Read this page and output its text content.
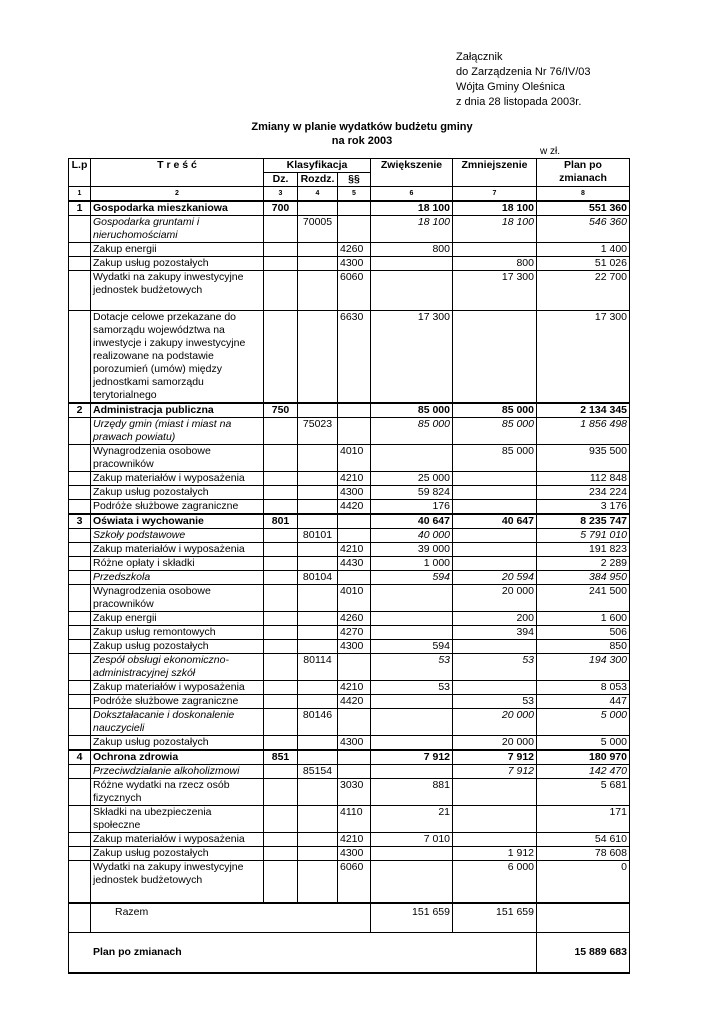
Załącznik
do Zarządzenia Nr 76/IV/03
Wójta Gminy Oleśnica
z dnia 28 listopada 2003r.
Zmiany w planie wydatków budżetu gminy
na rok 2003
w zł.
L.p	T r e ś ć	Klasyfikacja			Zwiększenie	Zmniejszenie	Plan po zmianach
		Dz.	Rozdz.	§§			
1	2	3	4	5	6	7	8
1	Gospodarka mieszkaniowa	700			18 100	18 100	551 360
	Gospodarka gruntami i nieruchomościami		70005		18 100	18 100	546 360
	Zakup energii			4260	800		1 400
	Zakup usług pozostałych			4300		800	51 026
	Wydatki na zakupy inwestycyjne jednostek budżetowych			6060		17 300	22 700
	Dotacje celowe przekazane do samorządu województwa na inwestycje i zakupy inwestycyjne realizowane na podstawie porozumień (umów) między jednostkami samorządu terytorialnego			6630	17 300		17 300
2	Administracja publiczna	750			85 000	85 000	2 134 345
	Urzędy gmin (miast i miast na prawach powiatu)		75023		85 000	85 000	1 856 498
	Wynagrodzenia osobowe pracowników			4010		85 000	935 500
	Zakup materiałów i wyposażenia			4210	25 000		112 848
	Zakup usług pozostałych			4300	59 824		234 224
	Podróże służbowe zagraniczne			4420	176		3 176
3	Oświata i wychowanie	801			40 647	40 647	8 235 747
	Szkoły podstawowe		80101		40 000		5 791 010
	Zakup materiałów i wyposażenia			4210	39 000		191 823
	Różne opłaty i składki			4430	1 000		2 289
	Przedszkola		80104		594	20 594	384 950
	Wynagrodzenia osobowe pracowników			4010		20 000	241 500
	Zakup energii			4260		200	1 600
	Zakup usług remontowych			4270		394	506
	Zakup usług pozostałych			4300	594		850
	Zespół obsługi ekonomiczno-administracyjnej szkół		80114		53	53	194 300
	Zakup materiałów i wyposażenia			4210	53		8 053
	Podróże służbowe zagraniczne			4420		53	447
	Dokształacanie i doskonalenie nauczycieli		80146			20 000	5 000
	Zakup usług pozostałych			4300		20 000	5 000
4	Ochrona zdrowia	851			7 912	7 912	180 970
	Przeciwdziałanie alkoholizmowi		85154			7 912	142 470
	Różne wydatki na rzecz osób fizycznych			3030	881		5 681
	Składki na ubezpieczenia społeczne			4110	21		171
	Zakup materiałów i wyposażenia			4210	7 010		54 610
	Zakup usług pozostałych			4300		1 912	78 608
	Wydatki na zakupy inwestycyjne jednostek budżetowych			6060		6 000	0
	Razem				151 659	151 659	
Plan po zmianach							15 889 683
